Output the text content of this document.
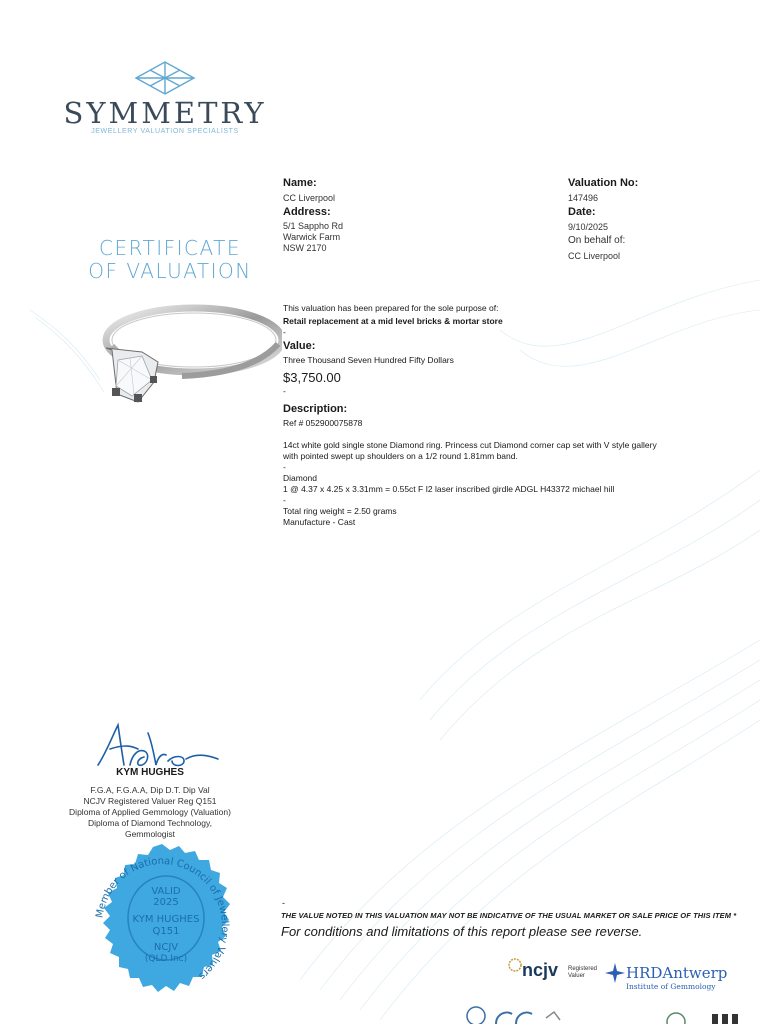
SYMMETRY
JEWELLERY VALUATION SPECIALISTS
CERTIFICATE
OF VALUATION
Name:
CC Liverpool
Address:
5/1 Sappho Rd
Warwick Farm
NSW 2170
Valuation No:
147496
Date:
9/10/2025
On behalf of:
CC Liverpool
This valuation has been prepared for the sole purpose of:
Retail replacement at a mid level bricks & mortar store
-
Value:
Three Thousand Seven Hundred Fifty Dollars
$3,750.00
-
Description:
Ref # 052900075878
14ct white gold single stone Diamond ring. Princess cut Diamond corner cap set with V style gallery
with pointed swept up shoulders on a 1/2 round 1.81mm band.
-
Diamond
1 @ 4.37 x 4.25 x 3.31mm = 0.55ct F I2 laser inscribed girdle ADGL H43372 michael hill
-
Total ring weight = 2.50 grams
Manufacture - Cast
KYM HUGHES
F.G.A, F.G.A.A, Dip D.T. Dip Val
NCJV Registered Valuer Reg Q151
Diploma of Applied Gemmology (Valuation)
Diploma of Diamond Technology,
Gemmologist
Member of National Council of Jewellery Valuers
VALID
2025
KYM HUGHES
Q151
NCJV
(QLD Inc)
-
THE VALUE NOTED IN THIS VALUATION MAY NOT BE INDICATIVE OF THE USUAL MARKET OR SALE PRICE OF THIS ITEM *
For conditions and limitations of this report please see reverse.
ncjv Registered
Valuer	HRDAntwerp
Institute of Gemmology
